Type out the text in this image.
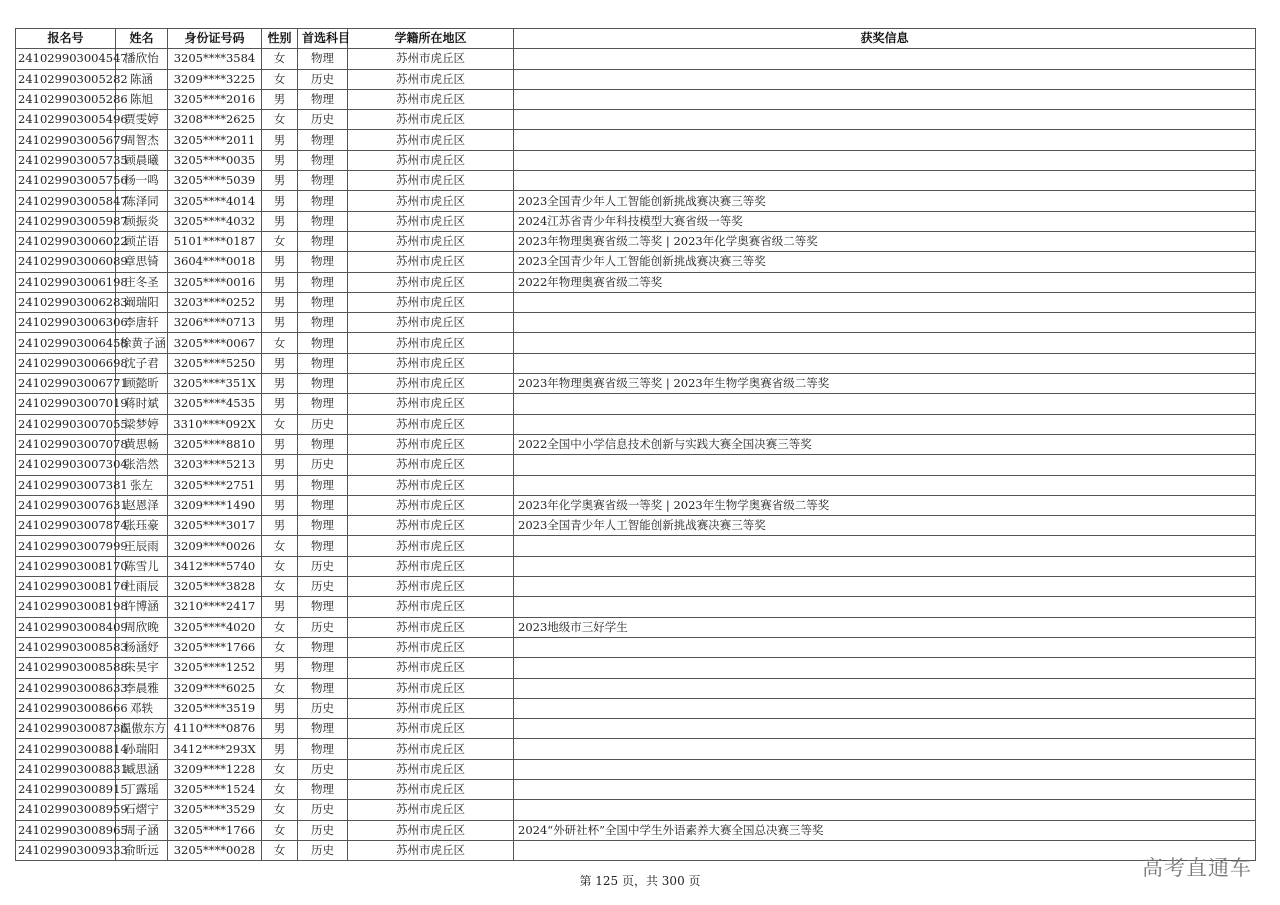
报名号	姓名	身份证号码	性别	首选科目	学籍所在地区	获奖信息
241029903004547	潘欣怡	3205****3584	女	物理	苏州市虎丘区	
241029903005282	陈涵	3209****3225	女	历史	苏州市虎丘区	
241029903005286	陈旭	3205****2016	男	物理	苏州市虎丘区	
241029903005496	贾雯婷	3208****2625	女	历史	苏州市虎丘区	
241029903005679	周智杰	3205****2011	男	物理	苏州市虎丘区	
241029903005735	顾晨曦	3205****0035	男	物理	苏州市虎丘区	
241029903005756	杨一鸣	3205****5039	男	物理	苏州市虎丘区	
241029903005847	陈泽同	3205****4014	男	物理	苏州市虎丘区	2023全国青少年人工智能创新挑战赛决赛三等奖
241029903005987	顾振炎	3205****4032	男	物理	苏州市虎丘区	2024江苏省青少年科技模型大赛省级一等奖
241029903006022	顾芷语	5101****0187	女	物理	苏州市虎丘区	2023年物理奥赛省级二等奖 | 2023年化学奥赛省级二等奖
241029903006089	章思锜	3604****0018	男	物理	苏州市虎丘区	2023全国青少年人工智能创新挑战赛决赛三等奖
241029903006198	庄冬圣	3205****0016	男	物理	苏州市虎丘区	2022年物理奥赛省级二等奖
241029903006283	阚瑞阳	3203****0252	男	物理	苏州市虎丘区	
241029903006306	李唐轩	3206****0713	男	物理	苏州市虎丘区	
241029903006458	徐黄子涵	3205****0067	女	物理	苏州市虎丘区	
241029903006698	沈子君	3205****5250	男	物理	苏州市虎丘区	
241029903006771	顾懿昕	3205****351X	男	物理	苏州市虎丘区	2023年物理奥赛省级三等奖 | 2023年生物学奥赛省级二等奖
241029903007019	蒋时斌	3205****4535	男	物理	苏州市虎丘区	
241029903007055	梁梦婷	3310****092X	女	历史	苏州市虎丘区	
241029903007078	黄思畅	3205****8810	男	物理	苏州市虎丘区	2022全国中小学信息技术创新与实践大赛全国决赛三等奖
241029903007304	张浩然	3203****5213	男	历史	苏州市虎丘区	
241029903007381	张左	3205****2751	男	物理	苏州市虎丘区	
241029903007631	赵恩泽	3209****1490	男	物理	苏州市虎丘区	2023年化学奥赛省级一等奖 | 2023年生物学奥赛省级二等奖
241029903007874	张珏豪	3205****3017	男	物理	苏州市虎丘区	2023全国青少年人工智能创新挑战赛决赛三等奖
241029903007999	王辰雨	3209****0026	女	物理	苏州市虎丘区	
241029903008170	陈雪儿	3412****5740	女	历史	苏州市虎丘区	
241029903008176	杜雨辰	3205****3828	女	历史	苏州市虎丘区	
241029903008198	许博涵	3210****2417	男	物理	苏州市虎丘区	
241029903008409	周欣晚	3205****4020	女	历史	苏州市虎丘区	2023地级市三好学生
241029903008583	杨涵妤	3205****1766	女	物理	苏州市虎丘区	
241029903008588	朱昊宇	3205****1252	男	物理	苏州市虎丘区	
241029903008633	李晨雅	3209****6025	女	物理	苏州市虎丘区	
241029903008666	邓轶	3205****3519	男	历史	苏州市虎丘区	
241029903008736	温傲东方	4110****0876	男	物理	苏州市虎丘区	
241029903008814	孙瑞阳	3412****293X	男	物理	苏州市虎丘区	
241029903008831	臧思涵	3209****1228	女	历史	苏州市虎丘区	
241029903008915	丁露瑶	3205****1524	女	物理	苏州市虎丘区	
241029903008959	石熠宁	3205****3529	女	历史	苏州市虎丘区	
241029903008965	周子涵	3205****1766	女	历史	苏州市虎丘区	2024“外研社杯”全国中学生外语素养大赛全国总决赛三等奖
241029903009333	俞昕远	3205****0028	女	历史	苏州市虎丘区	
第 125 页，共 300 页
高考直通车
